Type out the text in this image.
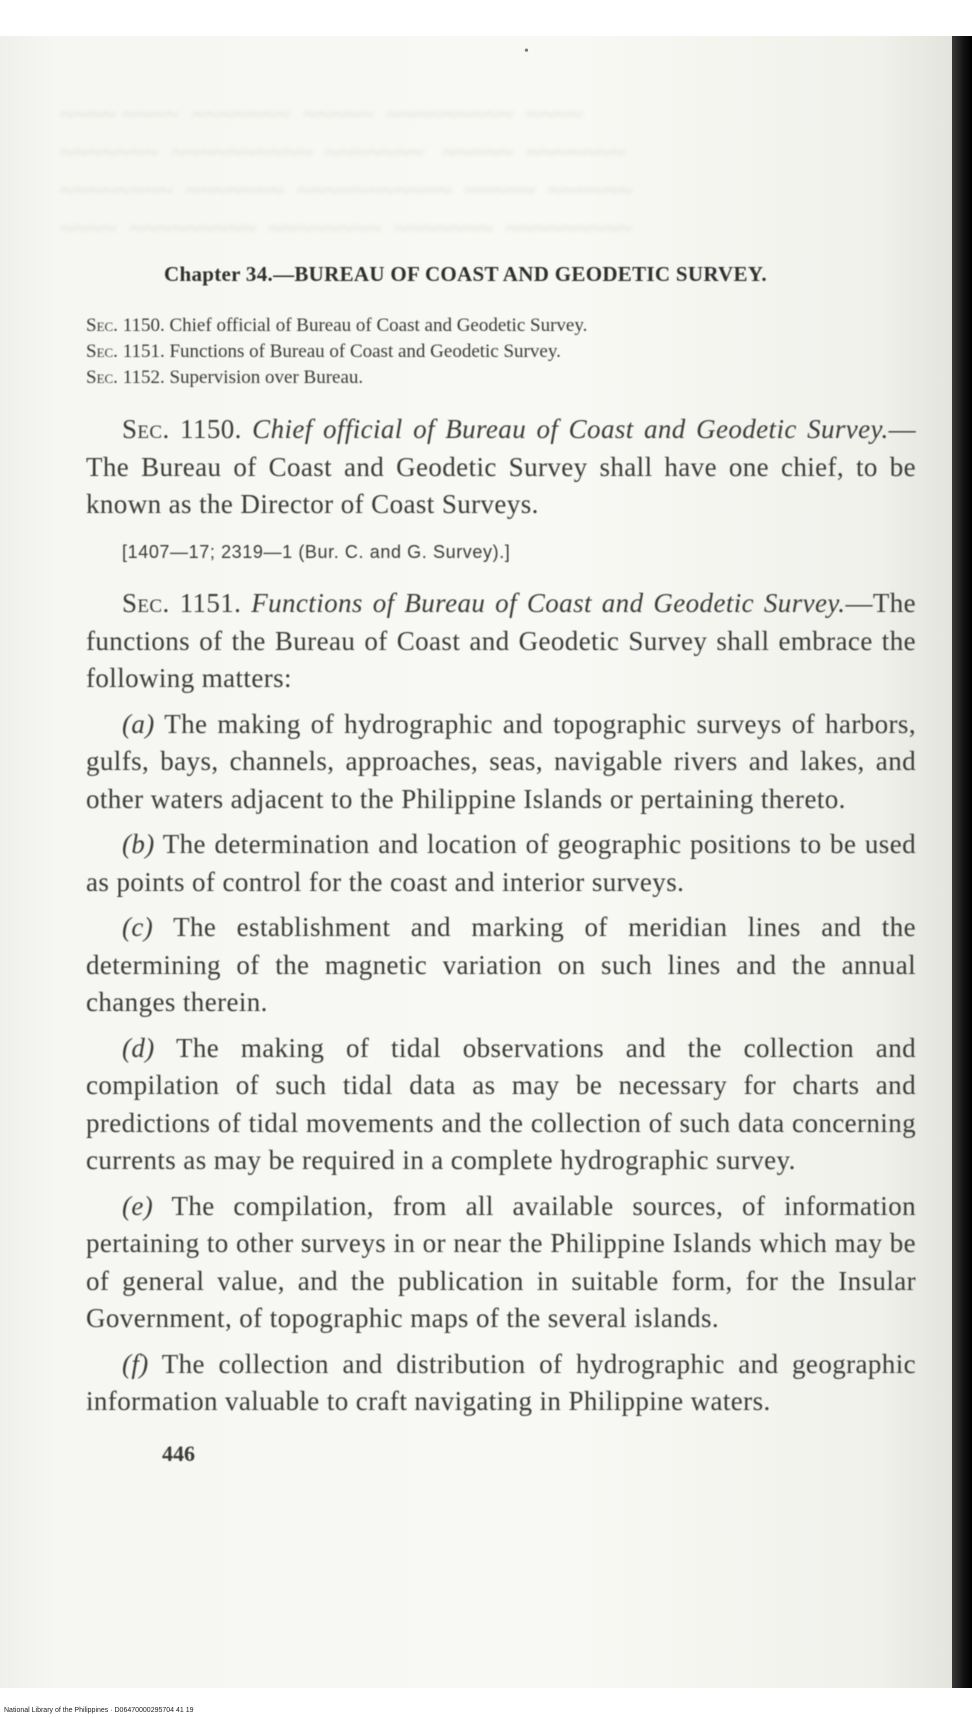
~~~~ ~~~~  ~~~~~~~  ~~~~~  ~~~~~~~~~  ~~~~
~~~~~~~  ~~~~~~~~~~  ~~~~~~~   ~~~~~  ~~~~~~~
~~~~~~~~  ~~~~~~~  ~~~~~~~~~~~  ~~~~~  ~~~~~~
~~~~  ~~~~~~~~~  ~~~~~~~~  ~~~~~~~  ~~~~~~~~~
•
Chapter 34.—BUREAU OF COAST AND GEODETIC SURVEY.
Sec. 1150. Chief official of Bureau of Coast and Geodetic Survey.
Sec. 1151. Functions of Bureau of Coast and Geodetic Survey.
Sec. 1152. Supervision over Bureau.

Sec. 1150. Chief official of Bureau of Coast and Geodetic Survey.—The Bureau of Coast and Geodetic Survey shall have one chief, to be known as the Director of Coast Surveys.

[1407—17; 2319—1 (Bur. C. and G. Survey).]

Sec. 1151. Functions of Bureau of Coast and Geodetic Survey.—The functions of the Bureau of Coast and Geodetic Survey shall embrace the following matters:

(a) The making of hydrographic and topographic surveys of harbors, gulfs, bays, channels, approaches, seas, navigable rivers and lakes, and other waters adjacent to the Philippine Islands or pertaining thereto.

(b) The determination and location of geographic positions to be used as points of control for the coast and interior surveys.

(c) The establishment and marking of meridian lines and the determining of the magnetic variation on such lines and the annual changes therein.

(d) The making of tidal observations and the collection and compilation of such tidal data as may be necessary for charts and predictions of tidal movements and the collection of such data concerning currents as may be required in a complete hydrographic survey.

(e) The compilation, from all available sources, of information pertaining to other surveys in or near the Philippine Islands which may be of general value, and the publication in suitable form, for the Insular Government, of topographic maps of the several islands.

(f) The collection and distribution of hydrographic and geographic information valuable to craft navigating in Philippine waters.

446
National Library of the Philippines · D06470000295704 41 19
